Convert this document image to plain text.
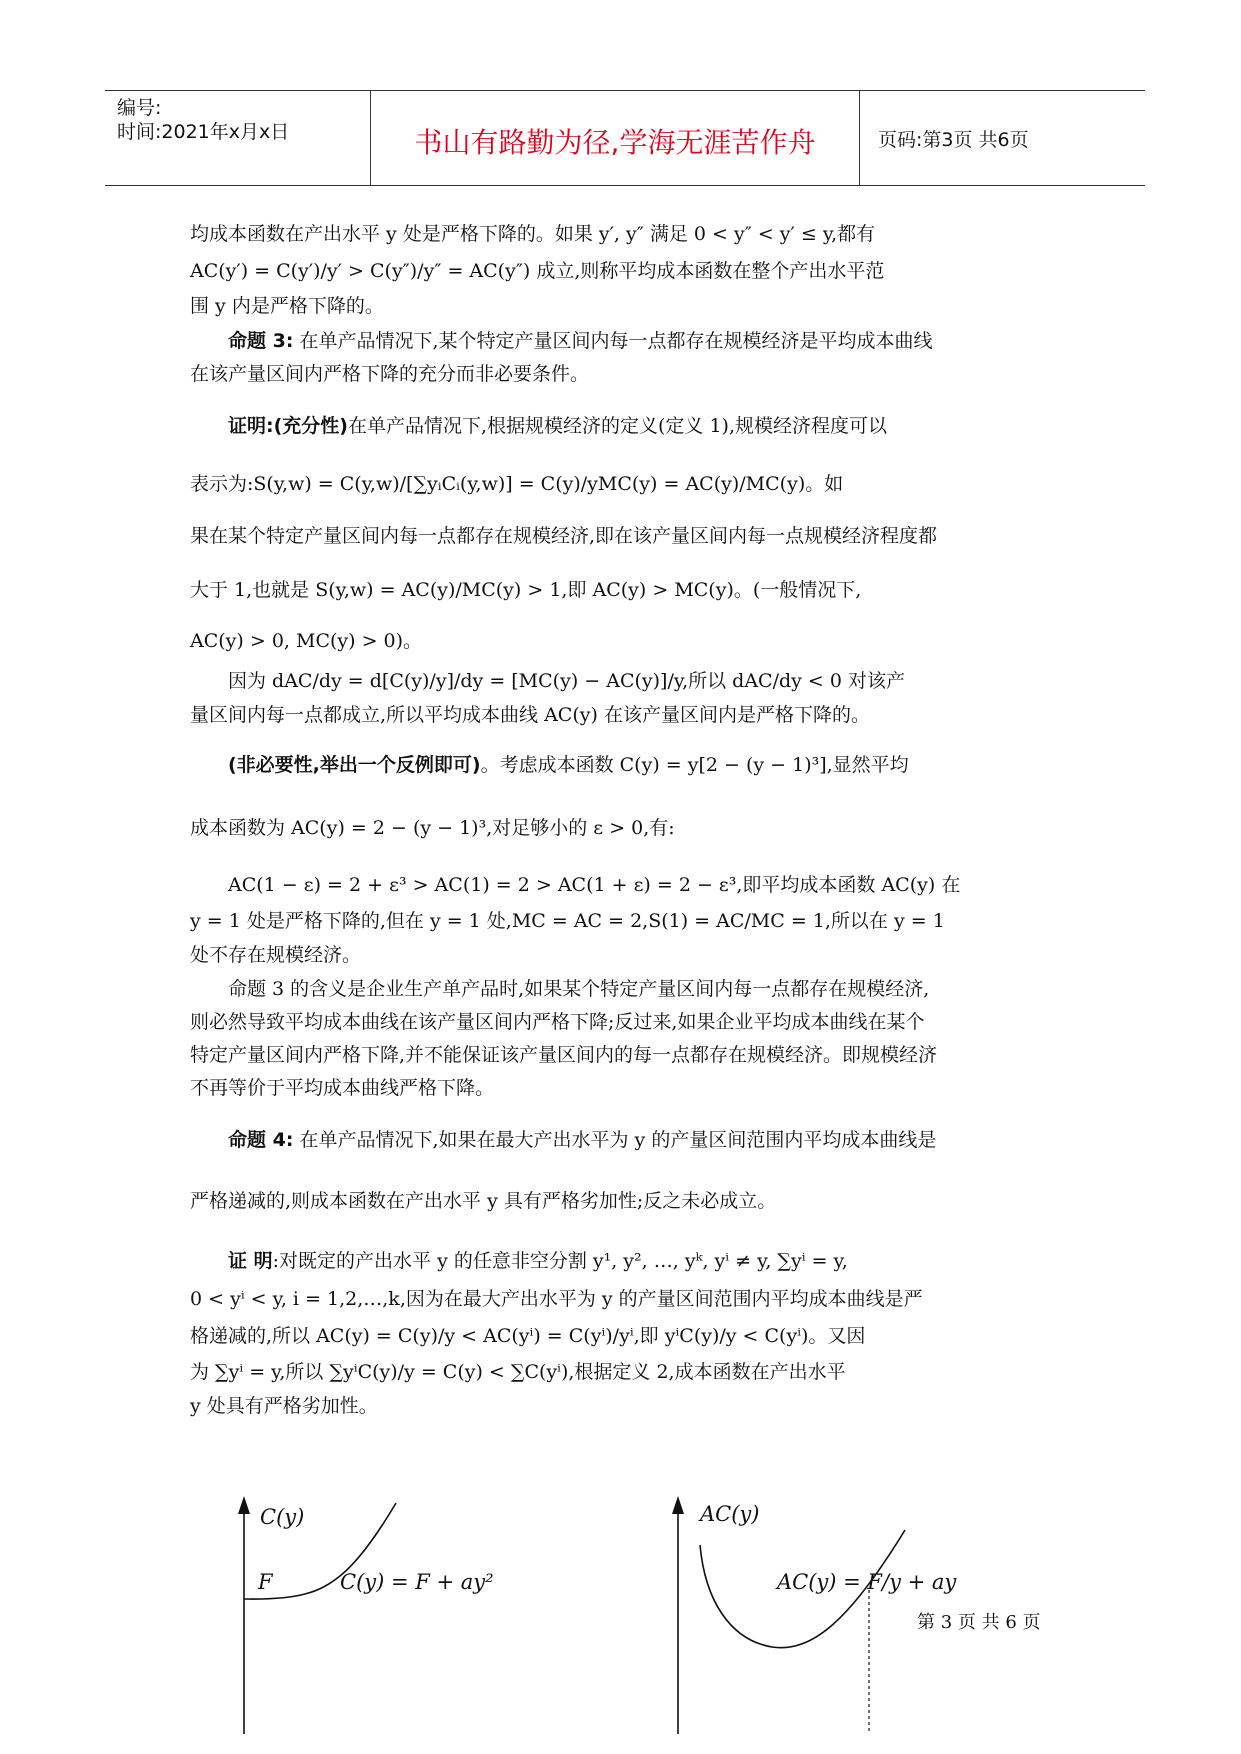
编号:
时间:2021年x月x日	书山有路勤为径,学海无涯苦作舟	页码:第3页 共6页
均成本函数在产出水平 y 处是严格下降的。如果 y′, y″ 满足 0 < y″ < y′ ≤ y,都有
AC(y′) = C(y′)/y′ > C(y″)/y″ = AC(y″) 成立,则称平均成本函数在整个产出水平范
围 y 内是严格下降的。
命题 3: 在单产品情况下,某个特定产量区间内每一点都存在规模经济是平均成本曲线
在该产量区间内严格下降的充分而非必要条件。
证明:(充分性)在单产品情况下,根据规模经济的定义(定义 1),规模经济程度可以
表示为:S(y,w) = C(y,w)/[∑yᵢCᵢ(y,w)] = C(y)/yMC(y) = AC(y)/MC(y)。如
果在某个特定产量区间内每一点都存在规模经济,即在该产量区间内每一点规模经济程度都
大于 1,也就是 S(y,w) = AC(y)/MC(y) > 1,即 AC(y) > MC(y)。(一般情况下,
AC(y) > 0, MC(y) > 0)。
因为 dAC/dy = d[C(y)/y]/dy = [MC(y) − AC(y)]/y,所以 dAC/dy < 0 对该产
量区间内每一点都成立,所以平均成本曲线 AC(y) 在该产量区间内是严格下降的。
(非必要性,举出一个反例即可)。考虑成本函数 C(y) = y[2 − (y − 1)³],显然平均
成本函数为 AC(y) = 2 − (y − 1)³,对足够小的 ε > 0,有:
AC(1 − ε) = 2 + ε³ > AC(1) = 2 > AC(1 + ε) = 2 − ε³,即平均成本函数 AC(y) 在
y = 1 处是严格下降的,但在 y = 1 处,MC = AC = 2,S(1) = AC/MC = 1,所以在 y = 1
处不存在规模经济。
命题 3 的含义是企业生产单产品时,如果某个特定产量区间内每一点都存在规模经济,
则必然导致平均成本曲线在该产量区间内严格下降;反过来,如果企业平均成本曲线在某个
特定产量区间内严格下降,并不能保证该产量区间内的每一点都存在规模经济。即规模经济
不再等价于平均成本曲线严格下降。
命题 4: 在单产品情况下,如果在最大产出水平为 y 的产量区间范围内平均成本曲线是
严格递减的,则成本函数在产出水平 y 具有严格劣加性;反之未必成立。
证 明:对既定的产出水平 y 的任意非空分割 y¹, y², …, yᵏ, yⁱ ≠ y, ∑yⁱ = y,
0 < yⁱ < y, i = 1,2,…,k,因为在最大产出水平为 y 的产量区间范围内平均成本曲线是严
格递减的,所以 AC(y) = C(y)/y < AC(yⁱ) = C(yⁱ)/yⁱ,即 yⁱC(y)/y < C(yⁱ)。又因
为 ∑yⁱ = y,所以 ∑yⁱC(y)/y = C(y) < ∑C(yⁱ),根据定义 2,成本函数在产出水平
y 处具有严格劣加性。
C(y)
F	C(y) = F + ay²
AC(y)
AC(y) = F/y + ay
第 3 页 共 6 页
